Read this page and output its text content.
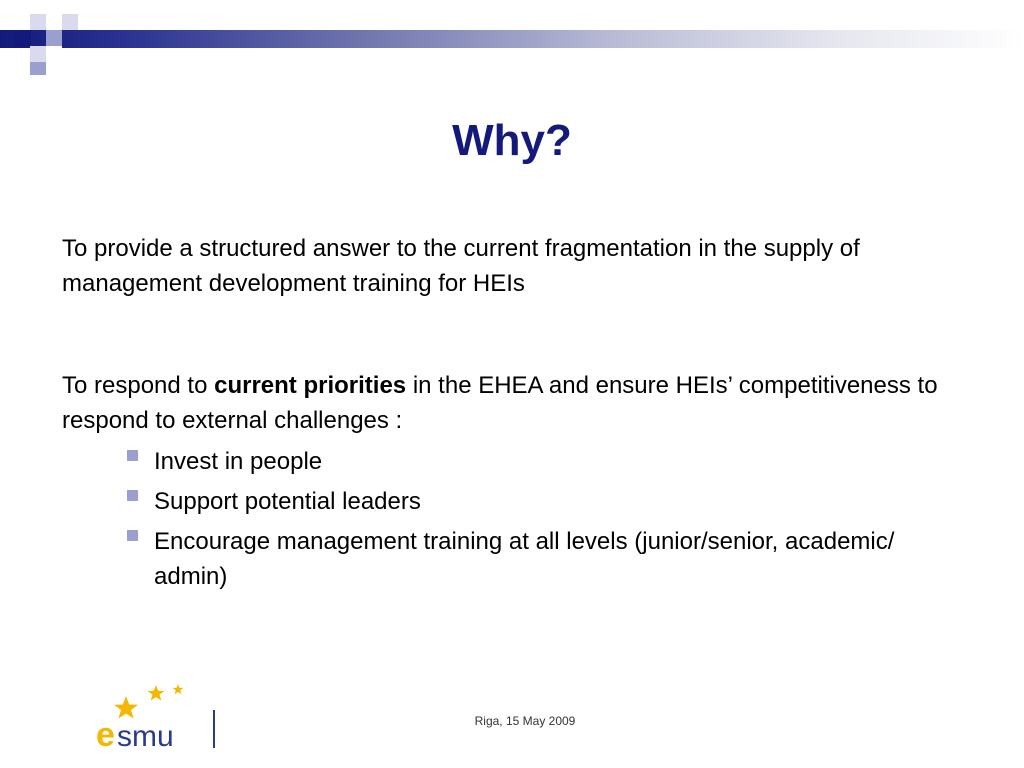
Why?

To provide a structured answer to the current fragmentation in the supply of management development training for HEIs

To respond to current priorities in the EHEA and ensure HEIs’ competitiveness to respond to external challenges :

Invest in people
Support potential leaders
Encourage management training at all levels (junior/senior, academic/ admin)
e smu	Riga, 15 May 2009
